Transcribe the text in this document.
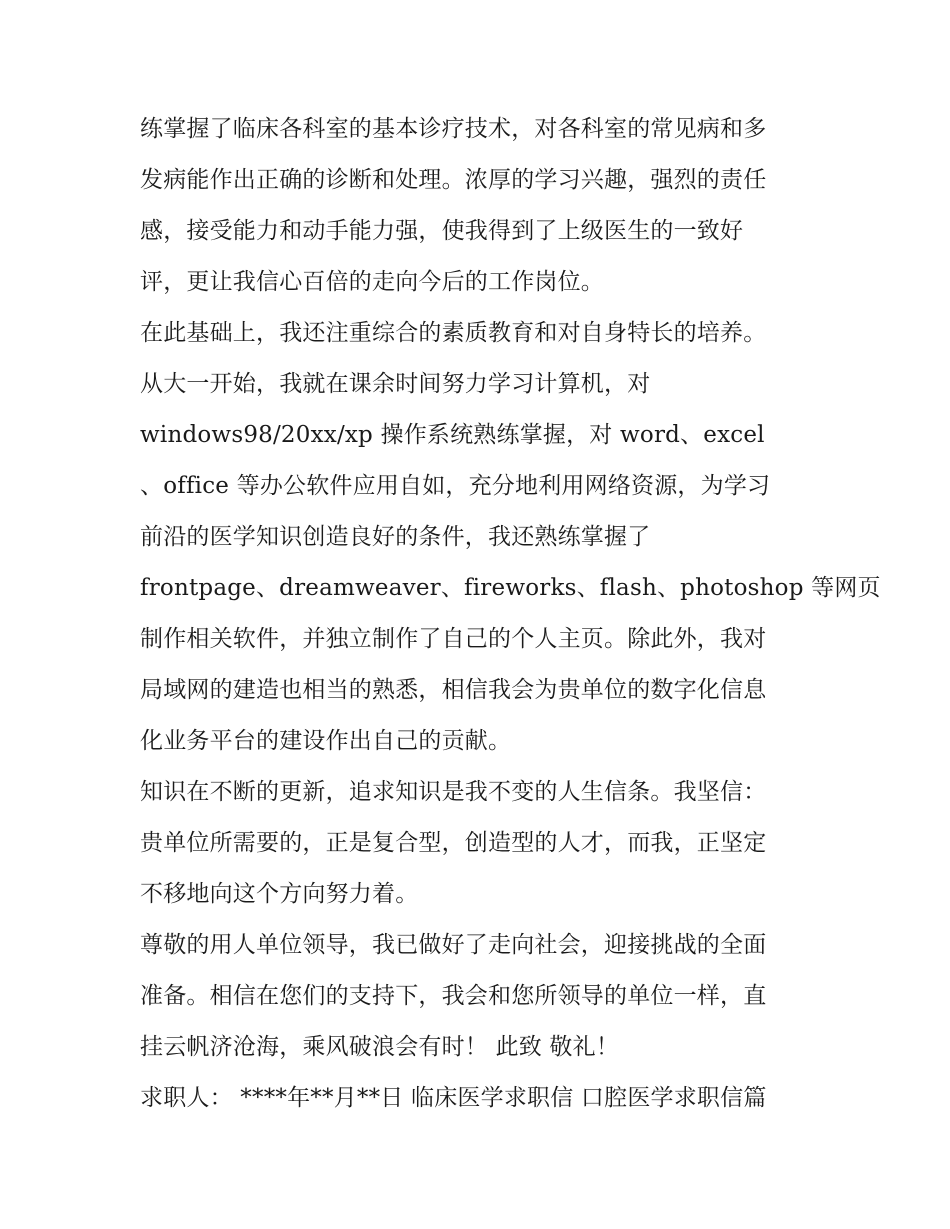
练掌握了临床各科室的基本诊疗技术，对各科室的常见病和多
发病能作出正确的诊断和处理。浓厚的学习兴趣，强烈的责任
感，接受能力和动手能力强，使我得到了上级医生的一致好
评，更让我信心百倍的走向今后的工作岗位。
在此基础上，我还注重综合的素质教育和对自身特长的培养。
从大一开始，我就在课余时间努力学习计算机，对
windows98/20xx/xp 操作系统熟练掌握，对 word、excel
、office 等办公软件应用自如，充分地利用网络资源，为学习
前沿的医学知识创造良好的条件，我还熟练掌握了
frontpage、dreamweaver、fireworks、flash、photoshop 等网页
制作相关软件，并独立制作了自己的个人主页。除此外，我对
局域网的建造也相当的熟悉，相信我会为贵单位的数字化信息
化业务平台的建设作出自己的贡献。
知识在不断的更新，追求知识是我不变的人生信条。我坚信：
贵单位所需要的，正是复合型，创造型的人才，而我，正坚定
不移地向这个方向努力着。
尊敬的用人单位领导，我已做好了走向社会，迎接挑战的全面
准备。相信在您们的支持下，我会和您所领导的单位一样，直
挂云帆济沧海，乘风破浪会有时！ 此致 敬礼！
求职人： ****年**月**日 临床医学求职信 口腔医学求职信篇
